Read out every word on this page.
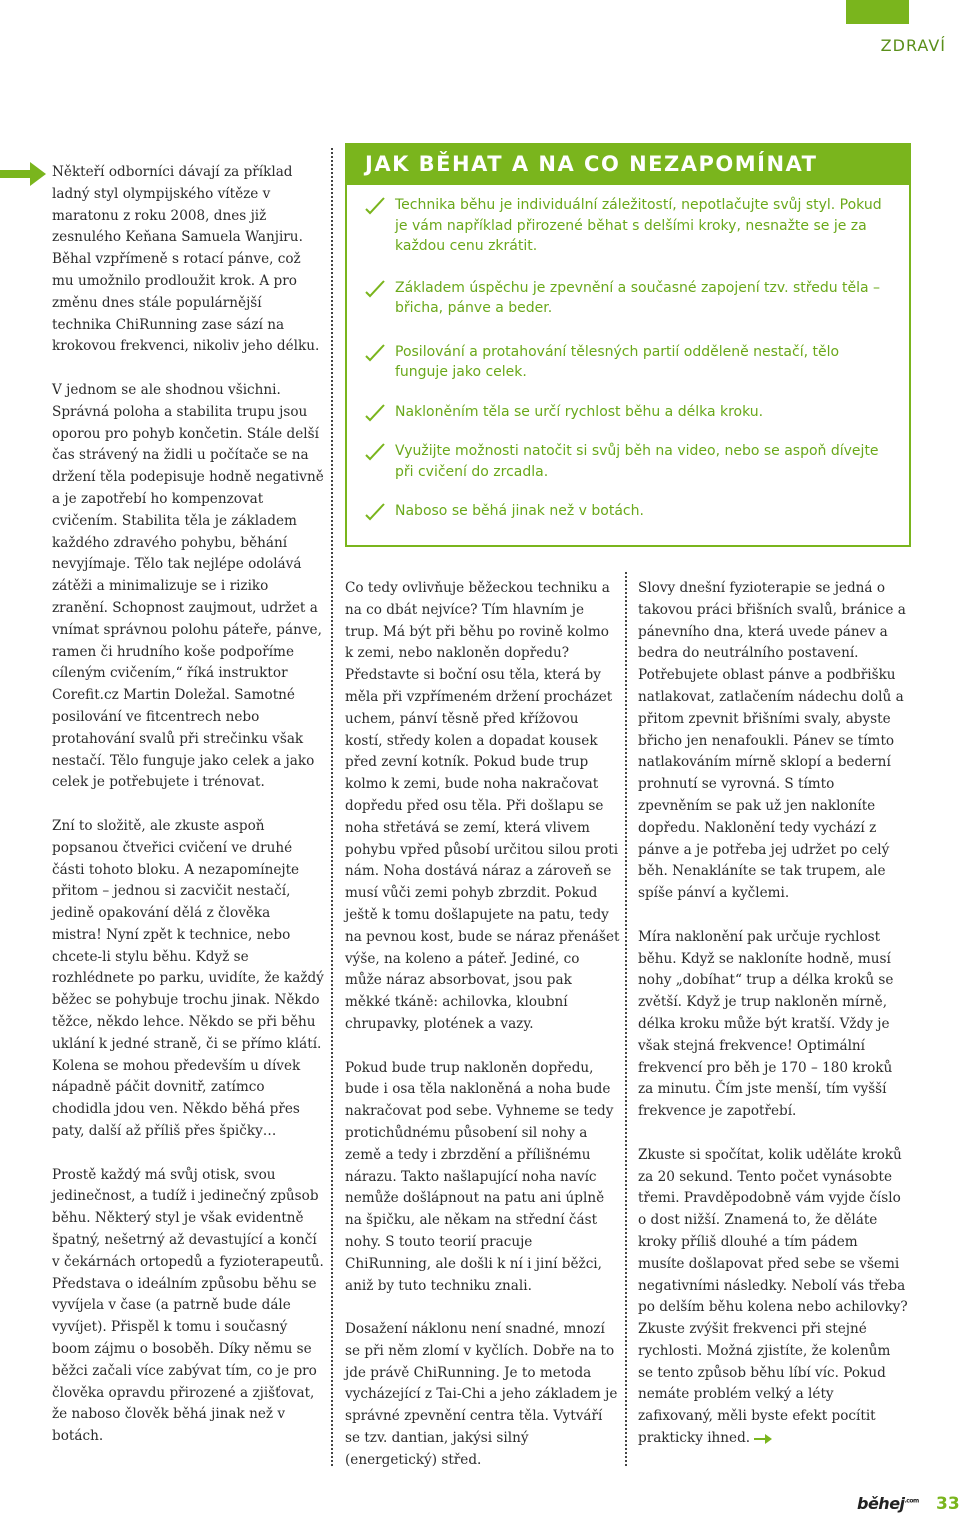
ZDRAVÍ

Někteří odborníci dávají za příklad ladný styl olympijského vítěze v maratonu z roku 2008, dnes již zesnulého Keňana Samuela Wanjiru. Běhal vzpřímeně s rotací pánve, což mu umožnilo prodloužit krok. A pro změnu dnes stále populárnější technika ChiRunning zase sází na krokovou frekvenci, nikoliv jeho délku.

V jednom se ale shodnou všichni. Správná poloha a stabilita trupu jsou oporou pro pohyb končetin. Stále delší čas strávený na židli u počítače se na držení těla podepisuje hodně negativně a je zapotřebí ho kompenzovat cvičením. Stabilita těla je základem každého zdravého pohybu, běhání nevyjímaje. Tělo tak nejlépe odolává zátěži a minimalizuje se i riziko zranění. Schopnost zaujmout, udržet a vnímat správnou polohu páteře, pánve, ramen či hrudního koše podpoříme cíleným cvičením,“ říká instruktor Corefit.cz Martin Doležal. Samotné posilování ve fitcentrech nebo protahování svalů při strečinku však nestačí. Tělo funguje jako celek a jako celek je potřebujete i trénovat.

Zní to složitě, ale zkuste aspoň popsanou čtveřici cvičení ve druhé části tohoto bloku. A nezapomínejte přitom – jednou si zacvičit nestačí, jedině opakování dělá z člověka mistra! Nyní zpět k technice, nebo chcete-li stylu běhu. Když se rozhlédnete po parku, uvidíte, že každý běžec se pohybuje trochu jinak. Někdo těžce, někdo lehce. Někdo se při běhu uklání k jedné straně, či se přímo klátí. Kolena se mohou především u dívek nápadně páčit dovnitř, zatímco chodidla jdou ven. Někdo běhá přes paty, další až příliš přes špičky…

Prostě každý má svůj otisk, svou jedinečnost, a tudíž i jedinečný způsob běhu. Některý styl je však evidentně špatný, nešetrný až devastující a končí v čekárnách ortopedů a fyzioterapeutů. Představa o ideálním způsobu běhu se vyvíjela v čase (a patrně bude dále vyvíjet). Přispěl k tomu i současný boom zájmu o bosoběh. Díky němu se běžci začali více zabývat tím, co je pro člověka opravdu přirozené a zjišťovat, že naboso člověk běhá jinak než v botách.

JAK BĚHAT A NA CO NEZAPOMÍNAT
Technika běhu je individuální záležitostí, nepotlačujte svůj styl. Pokud je vám například přirozené běhat s delšími kroky, nesnažte se je za každou cenu zkrátit.
Základem úspěchu je zpevnění a současné zapojení tzv. středu těla – břicha, pánve a beder.
Posilování a protahování tělesných partií odděleně nestačí, tělo funguje jako celek.
Nakloněním těla se určí rychlost běhu a délka kroku.
Využijte možnosti natočit si svůj běh na video, nebo se aspoň dívejte při cvičení do zrcadla.
Naboso se běhá jinak než v botách.

Co tedy ovlivňuje běžeckou techniku a na co dbát nejvíce? Tím hlavním je trup. Má být při běhu po rovině kolmo k zemi, nebo nakloněn dopředu? Představte si boční osu těla, která by měla při vzpřímeném držení procházet uchem, pánví těsně před křížovou kostí, středy kolen a dopadat kousek před zevní kotník. Pokud bude trup kolmo k zemi, bude noha nakračovat dopředu před osu těla. Při došlapu se noha střetává se zemí, která vlivem pohybu vpřed působí určitou silou proti nám. Noha dostává náraz a zároveň se musí vůči zemi pohyb zbrzdit. Pokud ještě k tomu došlapujete na patu, tedy na pevnou kost, bude se náraz přenášet výše, na koleno a páteř. Jediné, co může náraz absorbovat, jsou pak měkké tkáně: achilovka, kloubní chrupavky, plotének a vazy.

Pokud bude trup nakloněn dopředu, bude i osa těla nakloněná a noha bude nakračovat pod sebe. Vyhneme se tedy protichůdnému působení sil nohy a země a tedy i zbrzdění a přílišnému nárazu. Takto našlapující noha navíc nemůže došlápnout na patu ani úplně na špičku, ale někam na střední část nohy. S touto teorií pracuje ChiRunning, ale došli k ní i jiní běžci, aniž by tuto techniku znali.

Dosažení náklonu není snadné, mnozí se při něm zlomí v kyčlích. Dobře na to jde právě ChiRunning. Je to metoda vycházející z Tai-Chi a jeho základem je správné zpevnění centra těla. Vytváří se tzv. dantian, jakýsi silný (energetický) střed.

Slovy dnešní fyzioterapie se jedná o takovou práci břišních svalů, bránice a pánevního dna, která uvede pánev a bedra do neutrálního postavení. Potřebujete oblast pánve a podbřišku natlakovat, zatlačením nádechu dolů a přitom zpevnit břišními svaly, abyste břicho jen nenafoukli. Pánev se tímto natlakováním mírně sklopí a bederní prohnutí se vyrovná. S tímto zpevněním se pak už jen nakloníte dopředu. Naklonění tedy vychází z pánve a je potřeba jej udržet po celý běh. Nenakláníte se tak trupem, ale spíše pánví a kyčlemi.

Míra naklonění pak určuje rychlost běhu. Když se nakloníte hodně, musí nohy „dobíhat“ trup a délka kroků se zvětší. Když je trup nakloněn mírně, délka kroku může být kratší. Vždy je však stejná frekvence! Optimální frekvencí pro běh je 170 – 180 kroků za minutu. Čím jste menší, tím vyšší frekvence je zapotřebí.

Zkuste si spočítat, kolik uděláte kroků za 20 sekund. Tento počet vynásobte třemi. Pravděpodobně vám vyjde číslo o dost nižší. Znamená to, že děláte kroky příliš dlouhé a tím pádem musíte došlapovat před sebe se všemi negativními následky. Nebolí vás třeba po delším běhu kolena nebo achilovky? Zkuste zvýšit frekvenci při stejné rychlosti. Možná zjistíte, že kolenům se tento způsob běhu líbí víc. Pokud nemáte problém velký a léty zafixovaný, měli byste efekt pocítit prakticky ihned.

běhej$^{.com}$ 33
